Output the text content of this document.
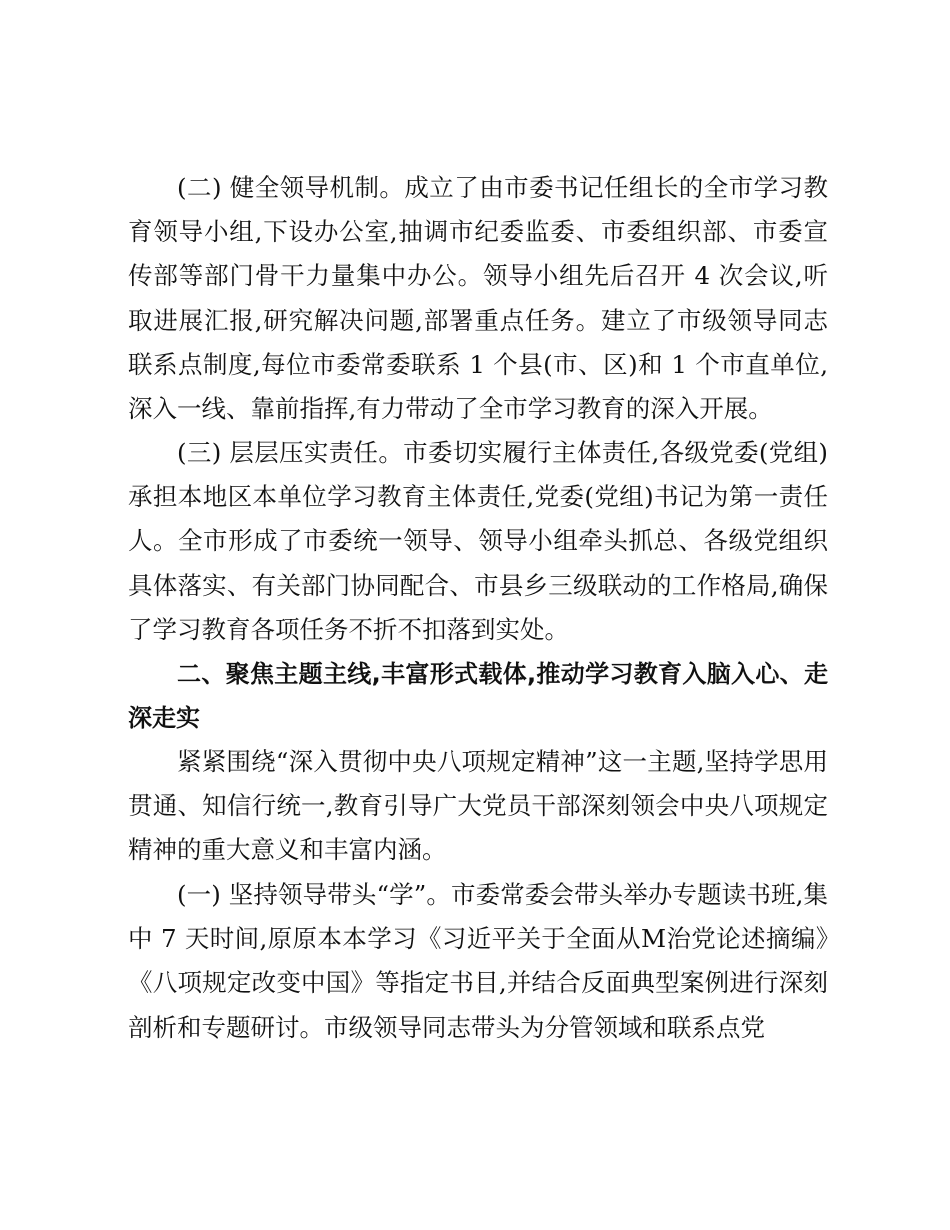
(二) 健全领导机制。成立了由市委书记任组长的全市学习教育领导小组,下设办公室,抽调市纪委监委、市委组织部、市委宣传部等部门骨干力量集中办公。领导小组先后召开 4 次会议,听取进展汇报,研究解决问题,部署重点任务。建立了市级领导同志联系点制度,每位市委常委联系 1 个县(市、区)和 1 个市直单位,深入一线、靠前指挥,有力带动了全市学习教育的深入开展。

(三) 层层压实责任。市委切实履行主体责任,各级党委(党组)承担本地区本单位学习教育主体责任,党委(党组)书记为第一责任人。全市形成了市委统一领导、领导小组牵头抓总、各级党组织具体落实、有关部门协同配合、市县乡三级联动的工作格局,确保了学习教育各项任务不折不扣落到实处。

二、聚焦主题主线,丰富形式载体,推动学习教育入脑入心、走深走实

紧紧围绕“深入贯彻中央八项规定精神”这一主题,坚持学思用贯通、知信行统一,教育引导广大党员干部深刻领会中央八项规定精神的重大意义和丰富内涵。

(一) 坚持领导带头“学”。市委常委会带头举办专题读书班,集中 7 天时间,原原本本学习《习近平关于全面从M治党论述摘编》《八项规定改变中国》等指定书目,并结合反面典型案例进行深刻剖析和专题研讨。市级领导同志带头为分管领域和联系点党
